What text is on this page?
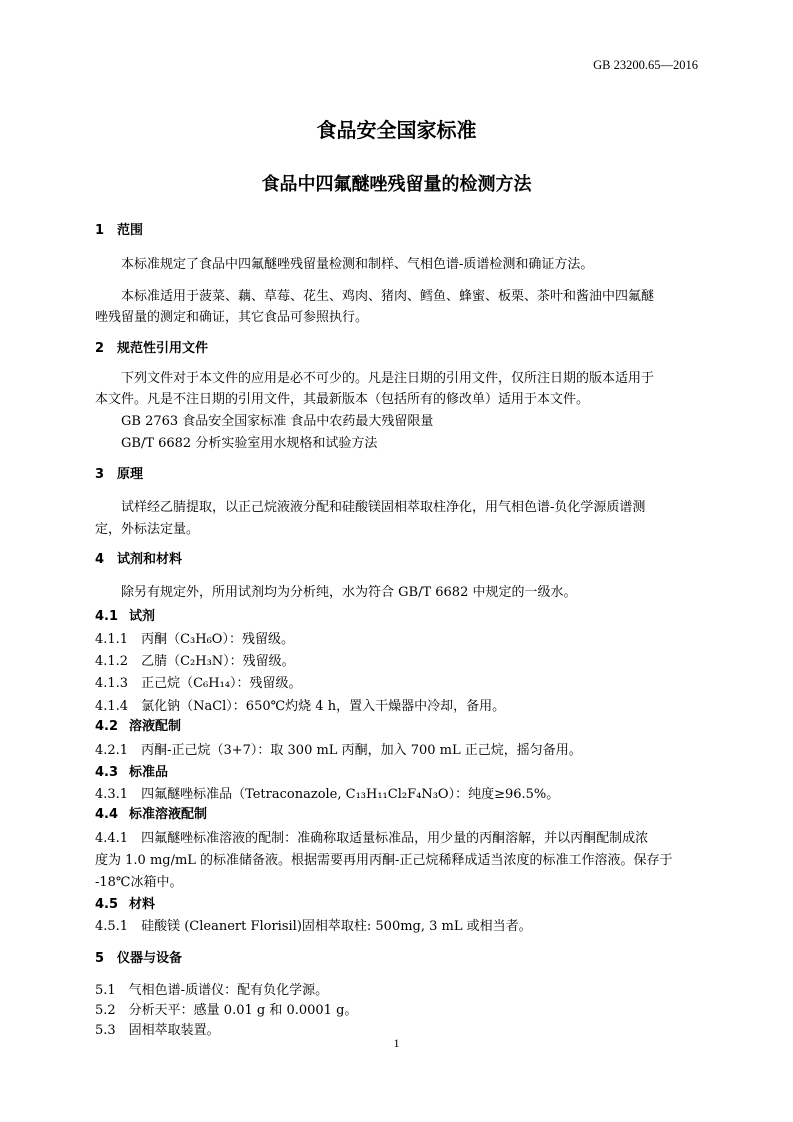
GB 23200.65—2016
食品安全国家标准
食品中四氟醚唑残留量的检测方法
1 范围
本标准规定了食品中四氟醚唑残留量检测和制样、气相色谱-质谱检测和确证方法。
本标准适用于菠菜、藕、草莓、花生、鸡肉、猪肉、鳕鱼、蜂蜜、板栗、茶叶和酱油中四氟醚
唑残留量的测定和确证，其它食品可参照执行。
2 规范性引用文件
下列文件对于本文件的应用是必不可少的。凡是注日期的引用文件，仅所注日期的版本适用于
本文件。凡是不注日期的引用文件，其最新版本（包括所有的修改单）适用于本文件。
GB 2763 食品安全国家标准 食品中农药最大残留限量
GB/T 6682 分析实验室用水规格和试验方法
3 原理
试样经乙腈提取，以正己烷液液分配和硅酸镁固相萃取柱净化，用气相色谱-负化学源质谱测
定，外标法定量。
4 试剂和材料
除另有规定外，所用试剂均为分析纯，水为符合 GB/T 6682 中规定的一级水。
4.1 试剂
4.1.1　丙酮（C₃H₆O）：残留级。
4.1.2　乙腈（C₂H₃N）：残留级。
4.1.3　正己烷（C₆H₁₄）：残留级。
4.1.4　氯化钠（NaCl）：650℃灼烧 4 h，置入干燥器中冷却，备用。
4.2 溶液配制
4.2.1　丙酮-正己烷（3+7）：取 300 mL 丙酮，加入 700 mL 正己烷，摇匀备用。
4.3 标准品
4.3.1　四氟醚唑标准品（Tetraconazole, C₁₃H₁₁Cl₂F₄N₃O）：纯度≥96.5%。
4.4 标准溶液配制
4.4.1　四氟醚唑标准溶液的配制：准确称取适量标准品，用少量的丙酮溶解，并以丙酮配制成浓
度为 1.0 mg/mL 的标准储备液。根据需要再用丙酮-正己烷稀释成适当浓度的标准工作溶液。保存于
-18℃冰箱中。
4.5 材料
4.5.1　硅酸镁 (Cleanert Florisil)固相萃取柱: 500mg, 3 mL 或相当者。
5 仪器与设备
5.1　气相色谱-质谱仪：配有负化学源。
5.2　分析天平：感量 0.01 g 和 0.0001 g。
5.3　固相萃取装置。
1
